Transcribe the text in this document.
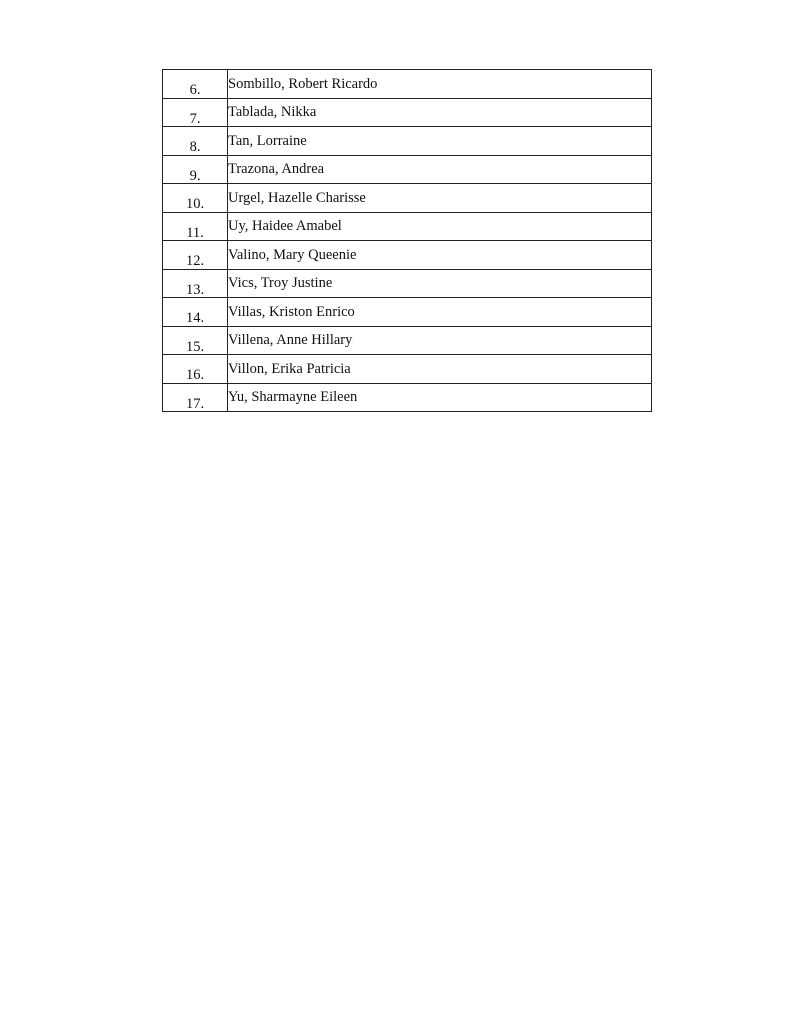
6.	Sombillo, Robert Ricardo
7.	Tablada, Nikka
8.	Tan, Lorraine
9.	Trazona, Andrea
10.	Urgel, Hazelle Charisse
11.	Uy, Haidee Amabel
12.	Valino, Mary Queenie
13.	Vics, Troy Justine
14.	Villas, Kriston Enrico
15.	Villena, Anne Hillary
16.	Villon, Erika Patricia
17.	Yu, Sharmayne Eileen
